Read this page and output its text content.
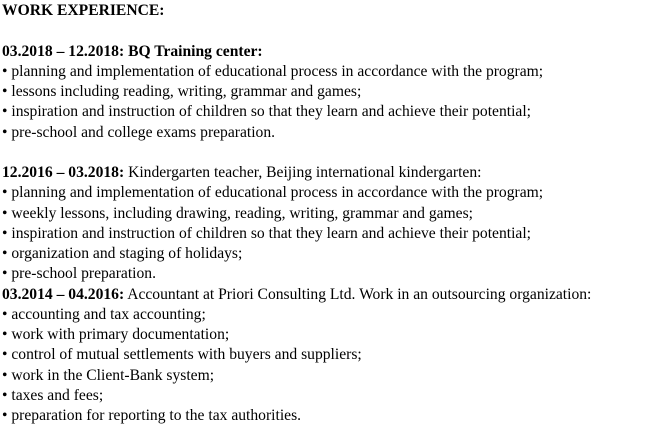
WORK EXPERIENCE:
03.2018 – 12.2018: BQ Training center:
• planning and implementation of educational process in accordance with the program;
• lessons including reading, writing, grammar and games;
• inspiration and instruction of children so that they learn and achieve their potential;
• pre-school and college exams preparation.
12.2016 – 03.2018: Kindergarten teacher, Beijing international kindergarten:
• planning and implementation of educational process in accordance with the program;
• weekly lessons, including drawing, reading, writing, grammar and games;
• inspiration and instruction of children so that they learn and achieve their potential;
• organization and staging of holidays;
• pre-school preparation.
03.2014 – 04.2016: Accountant at Priori Consulting Ltd. Work in an outsourcing organization:
• accounting and tax accounting;
• work with primary documentation;
• control of mutual settlements with buyers and suppliers;
• work in the Client-Bank system;
• taxes and fees;
• preparation for reporting to the tax authorities.
